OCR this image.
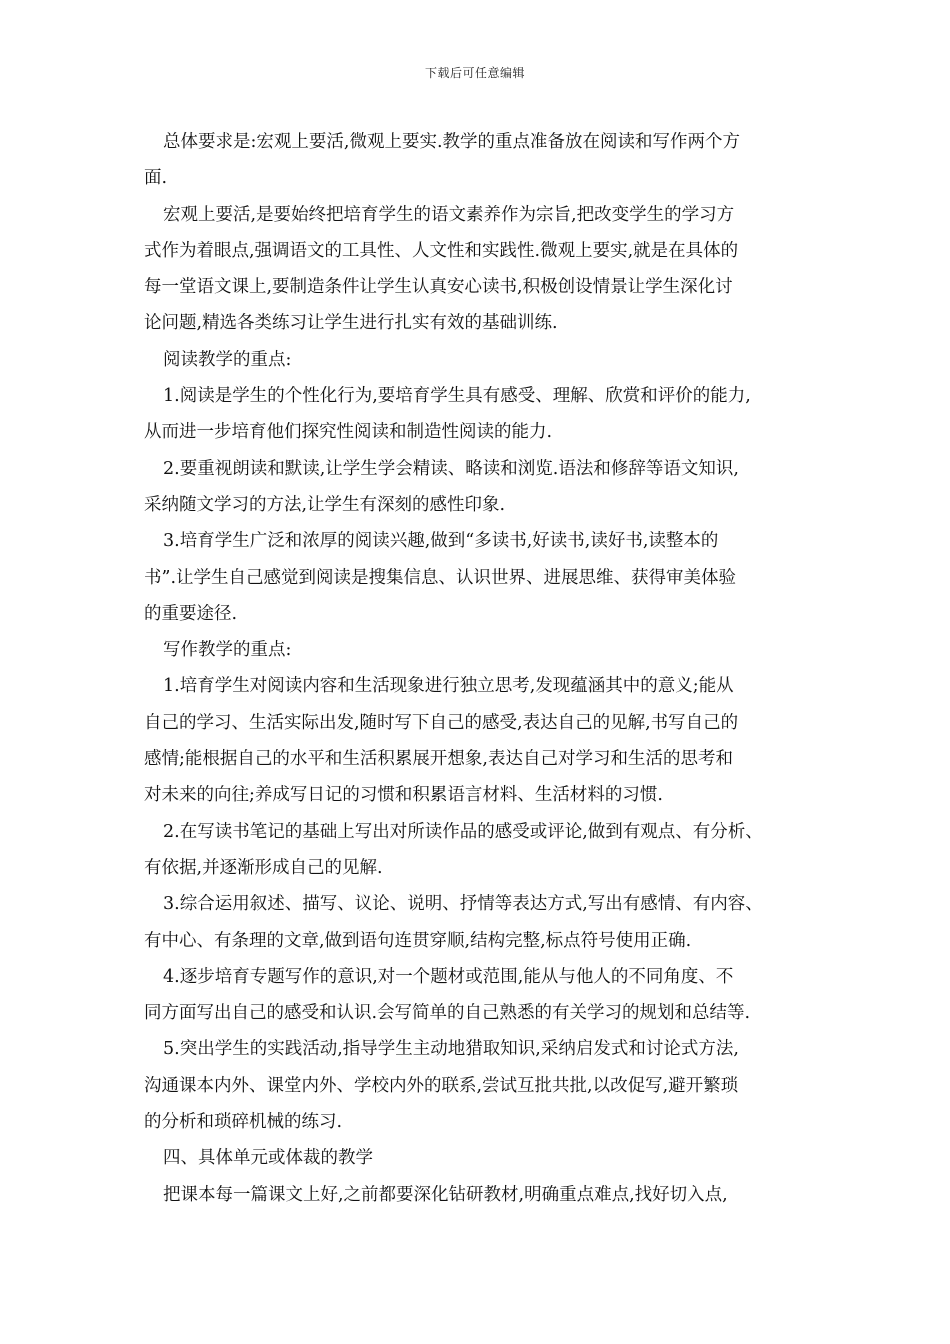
下载后可任意编辑
总体要求是:宏观上要活,微观上要实.教学的重点准备放在阅读和写作两个方
面.
宏观上要活,是要始终把培育学生的语文素养作为宗旨,把改变学生的学习方
式作为着眼点,强调语文的工具性、人文性和实践性.微观上要实,就是在具体的
每一堂语文课上,要制造条件让学生认真安心读书,积极创设情景让学生深化讨
论问题,精选各类练习让学生进行扎实有效的基础训练.
阅读教学的重点:
1.阅读是学生的个性化行为,要培育学生具有感受、理解、欣赏和评价的能力,
从而进一步培育他们探究性阅读和制造性阅读的能力.
2.要重视朗读和默读,让学生学会精读、略读和浏览.语法和修辞等语文知识,
采纳随文学习的方法,让学生有深刻的感性印象.
3.培育学生广泛和浓厚的阅读兴趣,做到“多读书,好读书,读好书,读整本的
书”.让学生自己感觉到阅读是搜集信息、认识世界、进展思维、获得审美体验
的重要途径.
写作教学的重点:
1.培育学生对阅读内容和生活现象进行独立思考,发现蕴涵其中的意义;能从
自己的学习、生活实际出发,随时写下自己的感受,表达自己的见解,书写自己的
感情;能根据自己的水平和生活积累展开想象,表达自己对学习和生活的思考和
对未来的向往;养成写日记的习惯和积累语言材料、生活材料的习惯.
2.在写读书笔记的基础上写出对所读作品的感受或评论,做到有观点、有分析、
有依据,并逐渐形成自己的见解.
3.综合运用叙述、描写、议论、说明、抒情等表达方式,写出有感情、有内容、
有中心、有条理的文章,做到语句连贯穿顺,结构完整,标点符号使用正确.
4.逐步培育专题写作的意识,对一个题材或范围,能从与他人的不同角度、不
同方面写出自己的感受和认识.会写简单的自己熟悉的有关学习的规划和总结等.
5.突出学生的实践活动,指导学生主动地猎取知识,采纳启发式和讨论式方法,
沟通课本内外、课堂内外、学校内外的联系,尝试互批共批,以改促写,避开繁琐
的分析和琐碎机械的练习.
四、具体单元或体裁的教学
把课本每一篇课文上好,之前都要深化钻研教材,明确重点难点,找好切入点,
